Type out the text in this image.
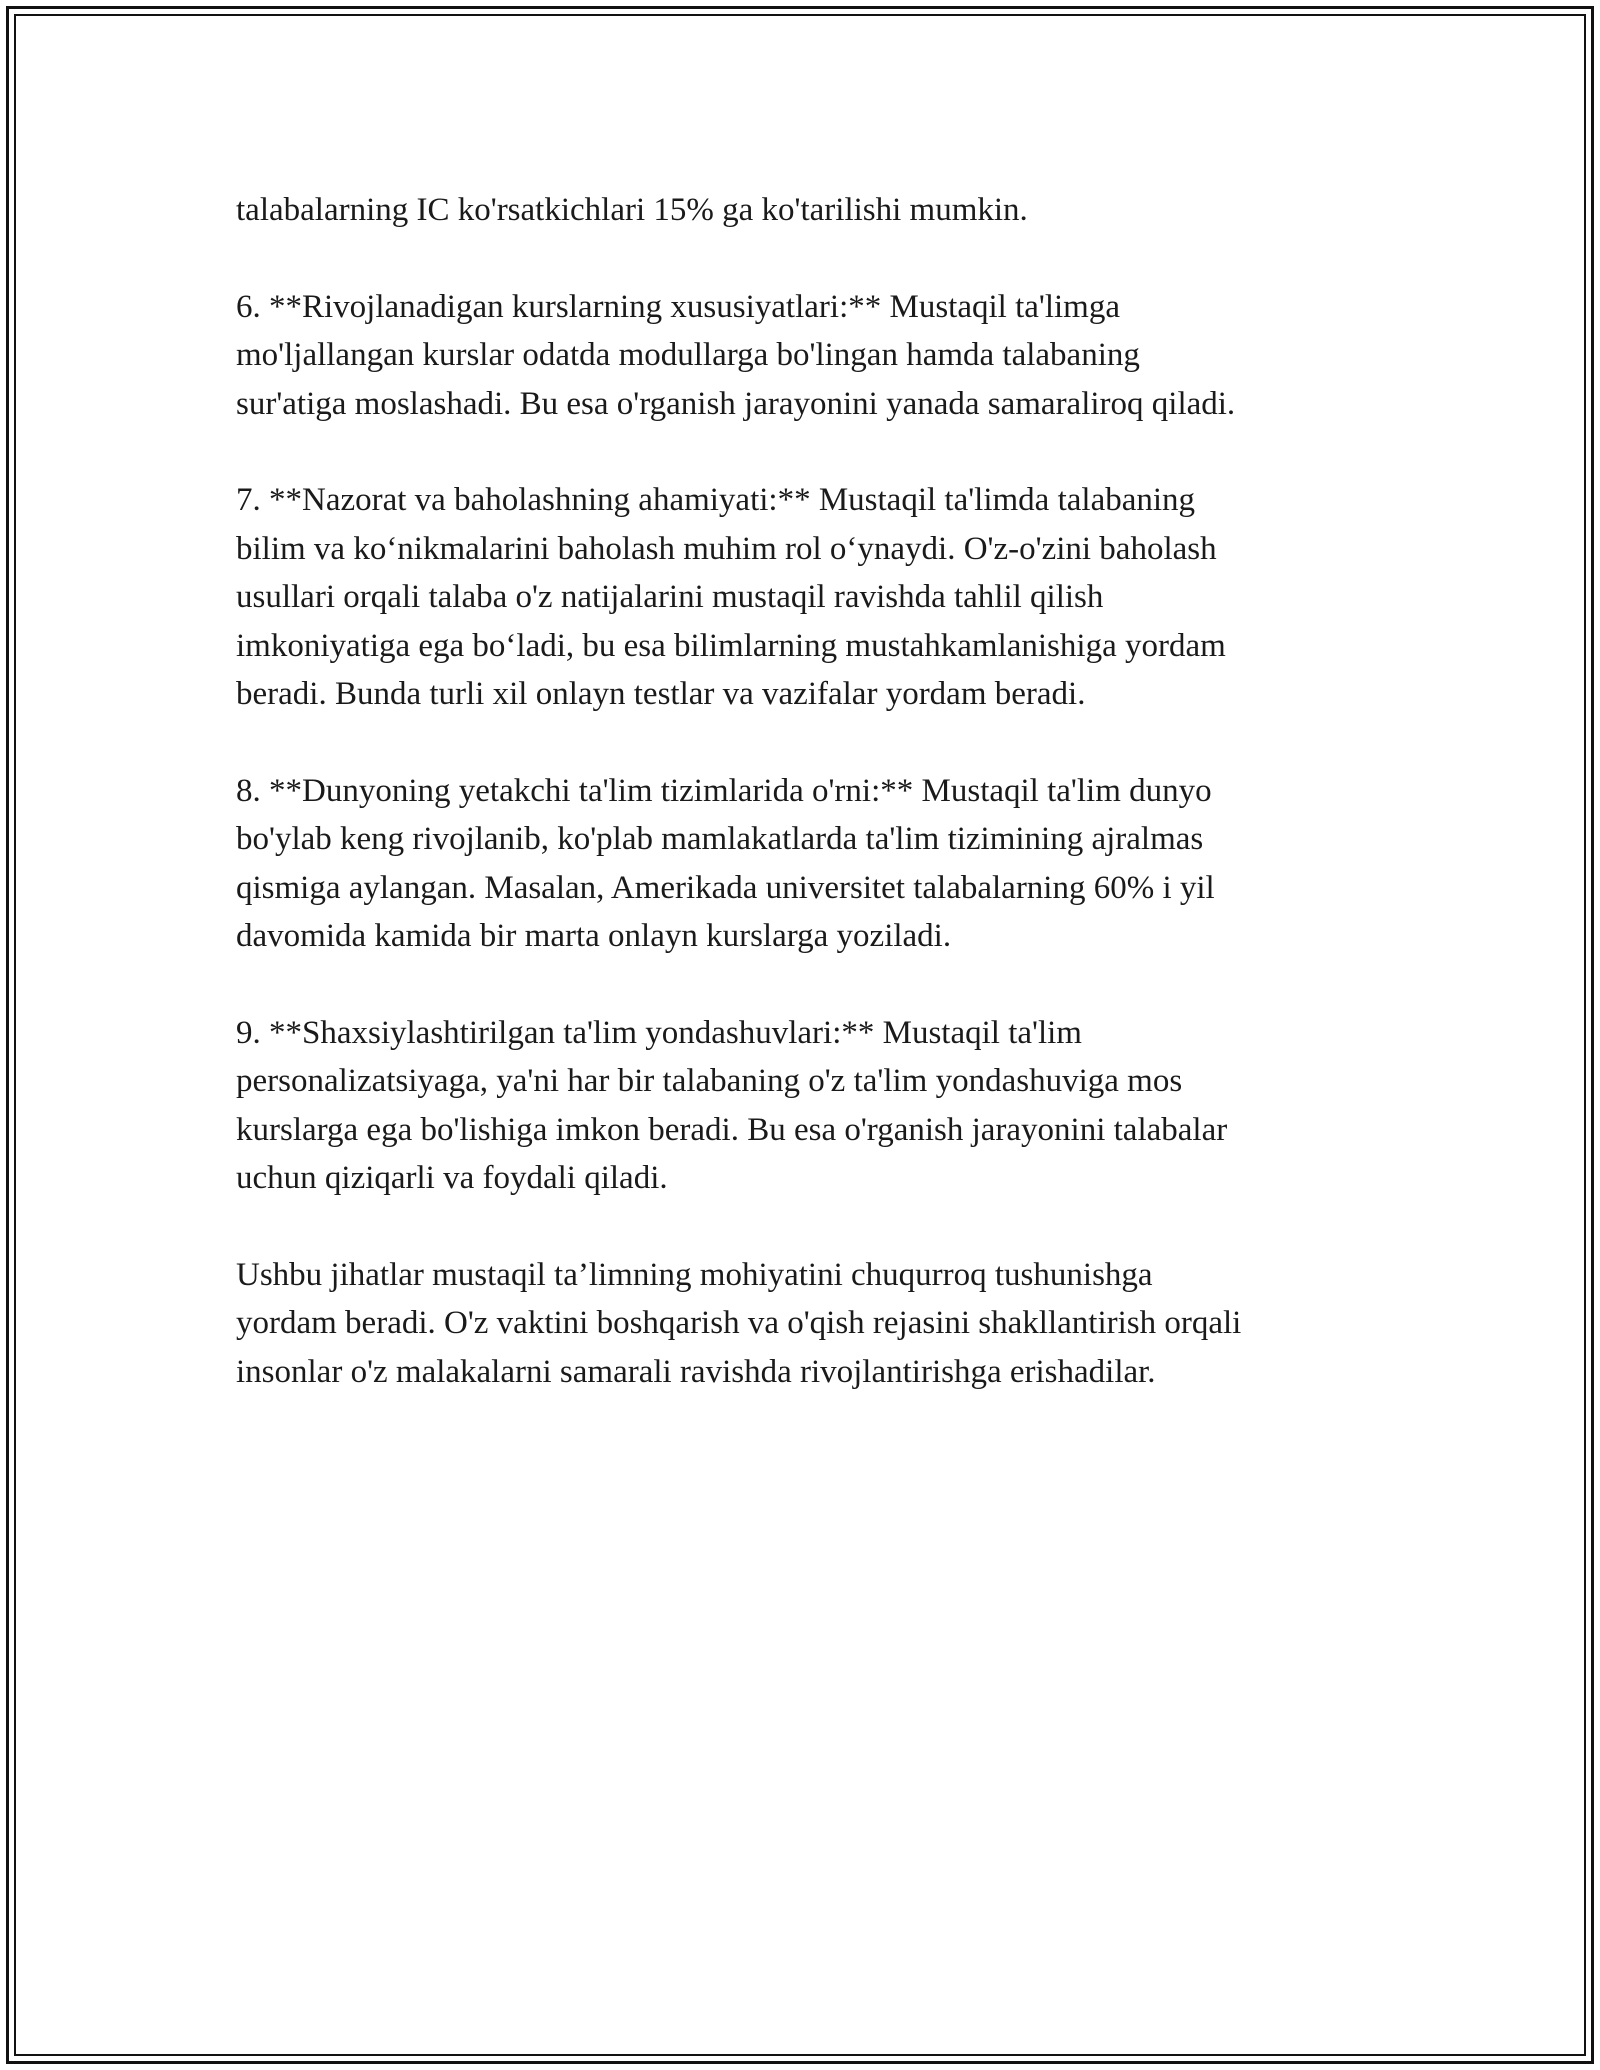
talabalarning IC ko'rsatkichlari 15% ga ko'tarilishi mumkin.

6. **Rivojlanadigan kurslarning xususiyatlari:** Mustaqil ta'limga
mo'ljallangan kurslar odatda modullarga bo'lingan hamda talabaning
sur'atiga moslashadi. Bu esa o'rganish jarayonini yanada samaraliroq qiladi.

7. **Nazorat va baholashning ahamiyati:** Mustaqil ta'limda talabaning
bilim va ko‘nikmalarini baholash muhim rol o‘ynaydi. O'z-o'zini baholash
usullari orqali talaba o'z natijalarini mustaqil ravishda tahlil qilish
imkoniyatiga ega bo‘ladi, bu esa bilimlarning mustahkamlanishiga yordam
beradi. Bunda turli xil onlayn testlar va vazifalar yordam beradi.

8. **Dunyoning yetakchi ta'lim tizimlarida o'rni:** Mustaqil ta'lim dunyo
bo'ylab keng rivojlanib, ko'plab mamlakatlarda ta'lim tizimining ajralmas
qismiga aylangan. Masalan, Amerikada universitet talabalarning 60% i yil
davomida kamida bir marta onlayn kurslarga yoziladi.

9. **Shaxsiylashtirilgan ta'lim yondashuvlari:** Mustaqil ta'lim
personalizatsiyaga, ya'ni har bir talabaning o'z ta'lim yondashuviga mos
kurslarga ega bo'lishiga imkon beradi. Bu esa o'rganish jarayonini talabalar
uchun qiziqarli va foydali qiladi.

Ushbu jihatlar mustaqil ta’limning mohiyatini chuqurroq tushunishga
yordam beradi. O'z vaktini boshqarish va o'qish rejasini shakllantirish orqali
insonlar o'z malakalarni samarali ravishda rivojlantirishga erishadilar.
